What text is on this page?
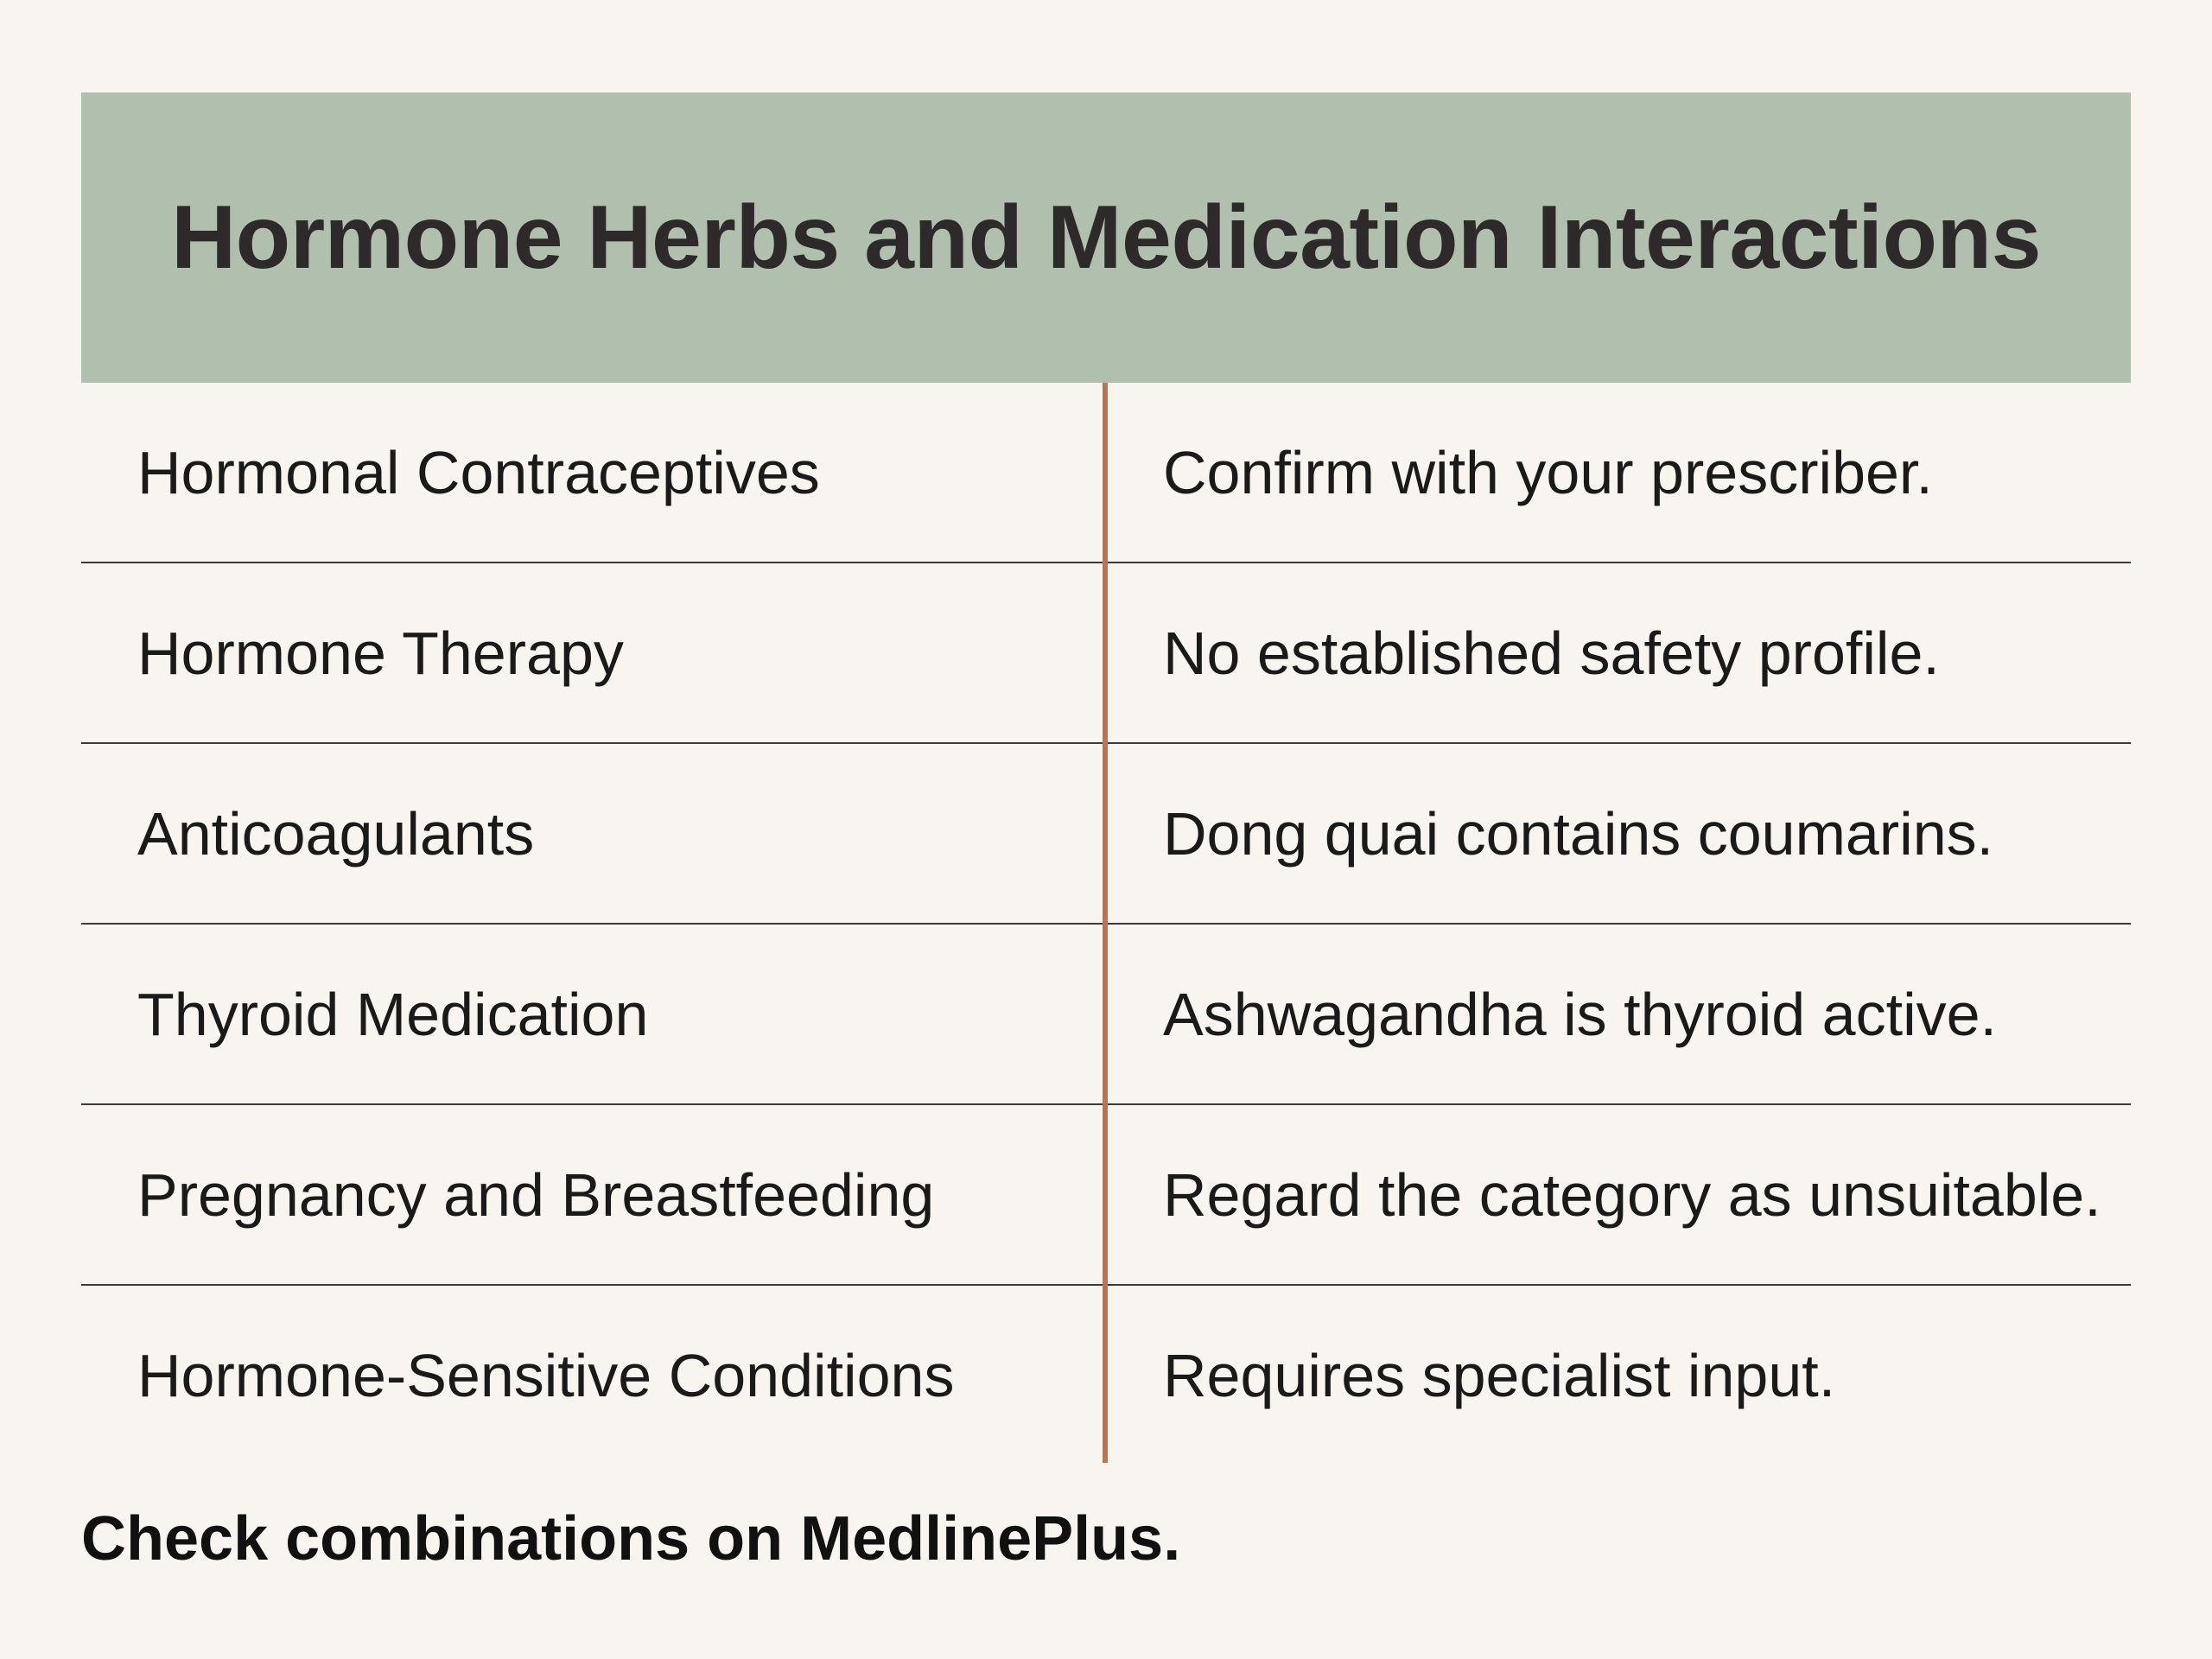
Hormone Herbs and Medication Interactions
Hormonal Contraceptives	Confirm with your prescriber.
Hormone Therapy	No established safety profile.
Anticoagulants	Dong quai contains coumarins.
Thyroid Medication	Ashwagandha is thyroid active.
Pregnancy and Breastfeeding	Regard the category as unsuitable.
Hormone-Sensitive Conditions	Requires specialist input.
Check combinations on MedlinePlus.
